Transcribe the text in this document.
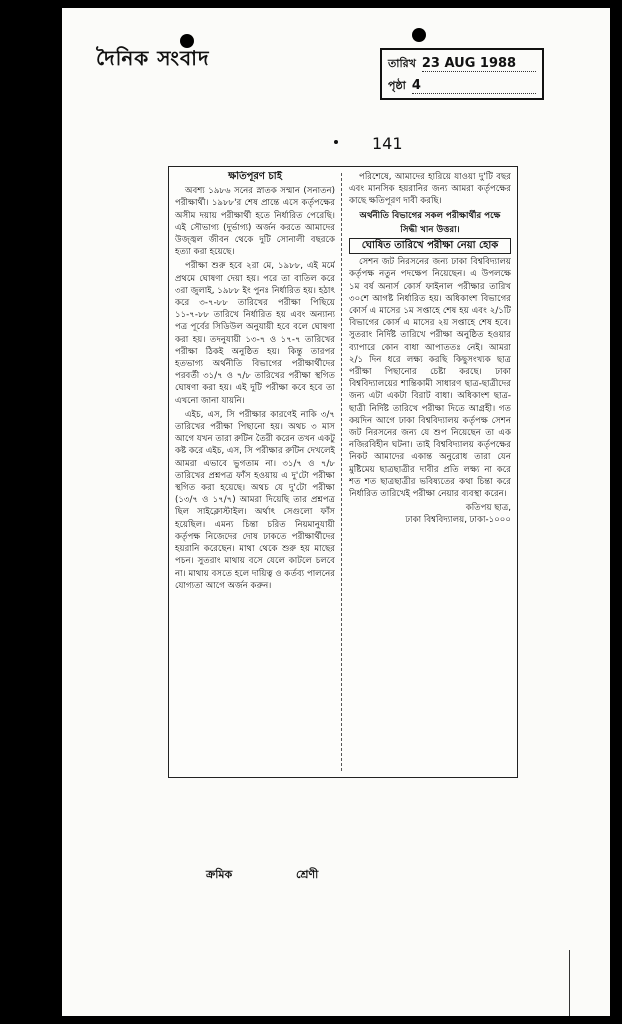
দৈনিক সংবাদ	তারিখ 23 AUG 1988
পৃষ্ঠা 4
141
ক্ষতিপূরণ চাই

অবশ্য ১৯৮৬ সনের স্নাতক সম্মান (সনাতন) পরীক্ষার্থী। ১৯৮৮'র শেষ প্রান্তে এসে কর্তৃপক্ষের অসীম দয়ায় পরীক্ষার্থী হতে নির্ধারিত পেরেছি। এই সৌভাগ্য (দুর্ভাগ্য) অর্জন করতে আমাদের উজ্জ্বল জীবন থেকে দুটি সোনালী বছরকে হত্যা করা হয়েছে।

পরীক্ষা শুরু হবে ২রা মে, ১৯৮৮, এই মর্মে প্রথমে ঘোষণা দেয়া হয়। পরে তা বাতিল করে ৩রা জুলাই, ১৯৮৮ ইং পুনঃ নির্ধারিত হয়। হঠাৎ করে ৩-৭-৮৮ তারিখের পরীক্ষা পিছিয়ে ১১-৭-৮৮ তারিখে নির্ধারিত হয় এবং অন্যান্য পত্র পূর্বের সিডিউল অনুযায়ী হবে বলে ঘোষণা করা হয়। তদনুযায়ী ১৩-৭ ও ১৭-৭ তারিখের পরীক্ষা ঠিকই অনুষ্ঠিত হয়। কিন্তু তারপর হতভাগ্য অর্থনীতি বিভাগের পরীক্ষার্থীদের পরবর্তী ৩১/৭ ও ৭/৮ তারিখের পরীক্ষা স্থগিত ঘোষণা করা হয়। এই দুটি পরীক্ষা কবে হবে তা এখনো জানা যায়নি।

এইচ, এস, সি পরীক্ষার কারণেই নাকি ৩/৭ তারিখের পরীক্ষা পিছানো হয়। অথচ ৩ মাস আগে যখন তারা রুটিন তৈরী করেন তখন একটু কষ্ট করে এইচ, এস, সি পরীক্ষার রুটিন দেখলেই আমরা এভাবে ভুগতাম না। ৩১/৭ ও ৭/৮ তারিখের প্রশ্নপত্র ফাঁস হওয়ায় এ দু'টো পরীক্ষা স্থগিত করা হয়েছে। অথচ যে দু'টো পরীক্ষা (১৩/৭ ও ১৭/৭) আমরা দিয়েছি তার প্রশ্নপত্র ছিল সাইক্লোস্টাইল। অর্থাৎ সেগুলো ফাঁস হয়েছিল। এমন্য চিন্তা চরিত নিয়মানুযায়ী কর্তৃপক্ষ নিজেদের দোষ ঢাকতে পরীক্ষার্থীদের হয়রানি করেছেন। মাথা থেকে শুরু হয় মাছের পচন। সুতরাং মাথায় বসে যেলে কাটলে চলবে না। মাথায় বসতে হলে দায়িত্ব ও কর্তব্য পালনের যোগ্যতা আগে অর্জন করুন।

পরিশেষে, আমাদের হারিয়ে যাওয়া দু'টি বছর এবং মানসিক হয়রানির জন্য আমরা কর্তৃপক্ষের কাছে ক্ষতিপূরণ দাবী করছি।

অর্থনীতি বিভাগের সকল পরীক্ষার্থীর পক্ষে
সিদ্ধী খান উত্তরা।
ঘোষিত তারিখে পরীক্ষা নেয়া হোক

সেশন জট নিরসনের জন্য ঢাকা বিশ্ববিদ্যালয় কর্তৃপক্ষ নতুন পদক্ষেপ নিয়েছেন। এ উপলক্ষে ১ম বর্ষ অনার্স কোর্স ফাইনাল পরীক্ষার তারিখ ৩০শে আগষ্ট নির্ধারিত হয়। অধিকাংশ বিভাগের কোর্স এ মাসের ১ম সপ্তাহে শেষ হয় এবং ২/১টি বিভাগের কোর্স এ মাসের ২য় সপ্তাহে শেষ হবে। সুতরাং নির্দিষ্ট তারিখে পরীক্ষা অনুষ্ঠিত হওয়ার ব্যাপারে কোন বাধা আপাততঃ নেই। আমরা ২/১ দিন ধরে লক্ষ্য করছি কিছুসংখ্যক ছাত্র পরীক্ষা পিছানোর চেষ্টা করছে। ঢাকা বিশ্ববিদ্যালয়ের শান্তিকামী সাধারণ ছাত্র-ছাত্রীদের জন্য এটা একটা বিরাট বাধা। অধিকাংশ ছাত্র-ছাত্রী নির্দিষ্ট তারিখে পরীক্ষা দিতে আগ্রহী। গত কয়দিন আগে ঢাকা বিশ্ববিদ্যালয় কর্তৃপক্ষ সেশন জট নিরসনের জন্য যে শুপ নিয়েছেন তা এক নজিরবিহীন ঘটনা। তাই বিশ্ববিদ্যালয় কর্তৃপক্ষের নিকট আমাদের একান্ত অনুরোধ তারা যেন মুষ্টিমেয় ছাত্রছাত্রীর দাবীর প্রতি লক্ষ্য না করে শত শত ছাত্রছাত্রীর ভবিষ্যতের কথা চিন্তা করে নির্ধারিত তারিখেই পরীক্ষা নেয়ার ব্যবস্থা করেন।

কতিপয় ছাত্র,
ঢাকা বিশ্ববিদ্যালয়, ঢাকা-১০০০
ক্রমিক	শ্রেণী
